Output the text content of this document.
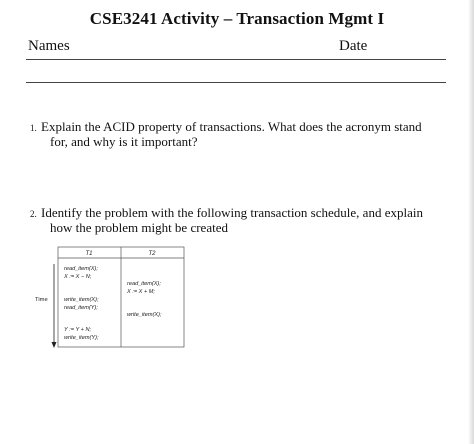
CSE3241 Activity – Transaction Mgmt I
Names	Date
1. Explain the ACID property of transactions. What does the acronym stand
for, and why is it important?
2. Identify the problem with the following transaction schedule, and explain
how the problem might be created
T1	T2
read_item(X);
X := X − N;
write_item(X);
read_item(Y);
Y := Y + N;
write_item(Y);
read_item(X);
X := X + M;
write_item(X);
Time
